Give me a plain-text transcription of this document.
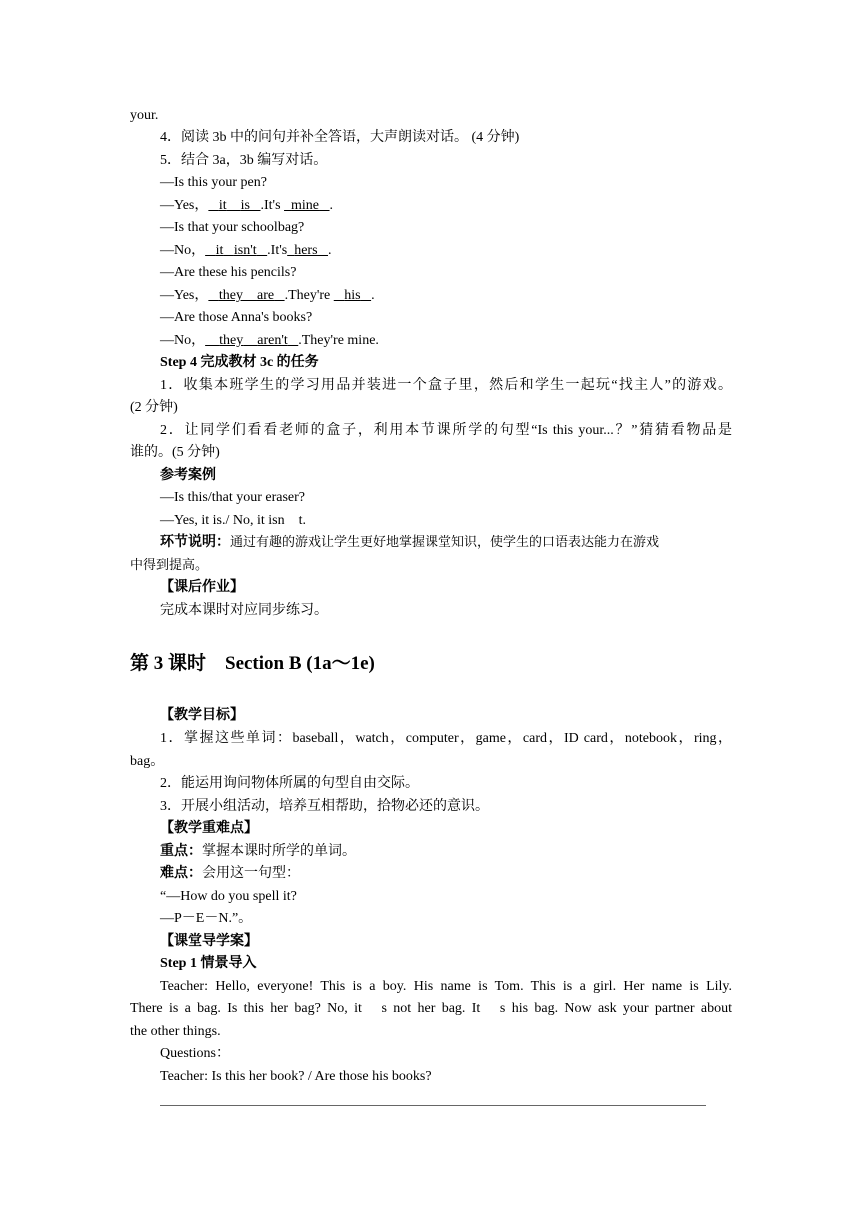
your.
4．阅读 3b 中的问句并补全答语，大声朗读对话。 (4 分钟)
5．结合 3a，3b 编写对话。
—Is this your pen?
—Yes， it is .It's   mine .
—Is that your schoolbag?
—No， it isn't .It's hers .
—Are these his pencils?
—Yes， they are .They're    his .
—Are those Anna's books?
—No， they aren't .They're mine.
Step 4 完成教材 3c 的任务
1．收集本班学生的学习用品并装进一个盒子里，然后和学生一起玩“找主人”的游戏。
(2 分钟)
2．让同学们看看老师的盒子，利用本节课所学的句型“Is this your...？”猜猜看物品是
谁的。(5 分钟)
参考案例
—Is this/that your eraser?
—Yes, it is./ No, it isn　t.
环节说明：通过有趣的游戏让学生更好地掌握课堂知识，使学生的口语表达能力在游戏
中得到提高。
【课后作业】
完成本课时对应同步练习。
第 3 课时　Section B (1a～1e)
【教学目标】
1．掌握这些单词：baseball，watch，computer，game，card，ID card，notebook，ring，
bag。
2．能运用询问物体所属的句型自由交际。
3．开展小组活动，培养互相帮助，拾物必还的意识。
【教学重难点】
重点：掌握本课时所学的单词。
难点：会用这一句型：
“—How do you spell it?
—P－E－N.”。
【课堂导学案】
Step 1 情景导入
Teacher: Hello, everyone! This is a boy. His name is Tom. This is a girl. Her name is Lily.
There is a bag. Is this her bag? No, it　s not her bag. It　s his bag. Now ask your partner about
the other things.
Questions：
Teacher: Is this her book? / Are those his books?
